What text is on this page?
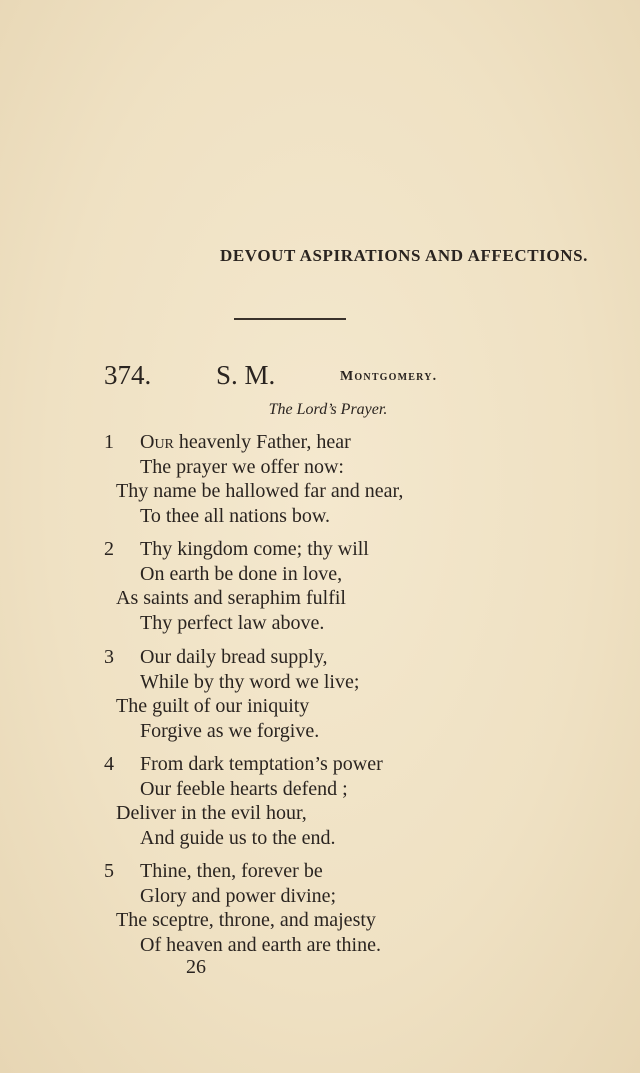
DEVOUT ASPIRATIONS AND AFFECTIONS.
374. S. M.	Montgomery.
The Lord’s Prayer.
1 Our heavenly Father, hear
The prayer we offer now:
Thy name be hallowed far and near,
To thee all nations bow.
2 Thy kingdom come; thy will
On earth be done in love,
As saints and seraphim fulfil
Thy perfect law above.
3 Our daily bread supply,
While by thy word we live;
The guilt of our iniquity
Forgive as we forgive.
4 From dark temptation’s power
Our feeble hearts defend ;
Deliver in the evil hour,
And guide us to the end.
5 Thine, then, forever be
Glory and power divine;
The sceptre, throne, and majesty
Of heaven and earth are thine.
26
